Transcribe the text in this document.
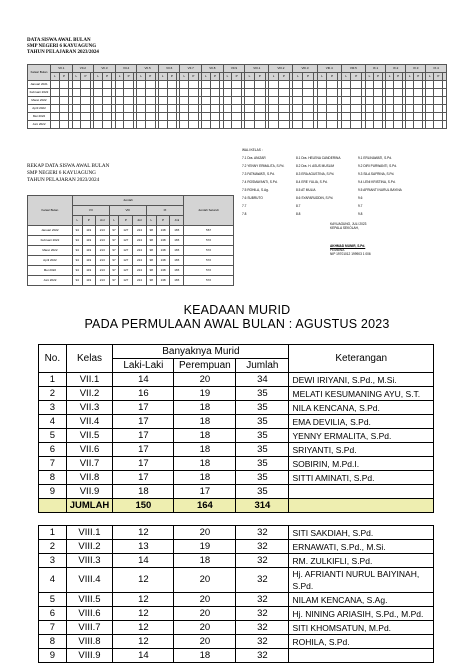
DATA SISWA AWAL BULAN
SMP NEGERI 6 KAYUAGUNG
TAHUN PELAJARAN 2023/2024
Kelas/ Bulan	VII.1			VII.2			VII.3			VII.4			VII.5			VII.6			VII.7			VII.8			VII.9			VIII.1			VIII.2			VIII.3			VIII.4			VIII.5			IX.1			IX.2			IX.3			IX.4		
	L	P		L	P		L	P		L	P		L	P		L	P		L	P		L	P		L	P		L	P		L	P		L	P		L	P		L	P		L	P		L	P		L	P		L	P	
Januari 2021																																																						
Februari 2022																																																						
Maret 2022																																																						
April 2022																																																						
Mei 2022																																																						
Juni 2022																																																						
REKAP DATA SISWA AWAL BULAN
SMP NEGERI 6 KAYUAGUNG
TAHUN PELAJARAN 2023/2024
Kelas/ Bulan	Jumlah									Jumlah Seluruh
	VII			VIII			IX			
	L	P	Jml	L	P	Jml	L	P	Jml	
Januari 2022	94	119	213	97	127	224	98	138	165	567
Februari 2022	94	119	213	97	127	224	98	138	165	572
Maret 2022	94	119	213	97	127	224	98	138	165	572
April 2022	94	119	213	97	127	224	98	138	165	572
Mei 2022	94	119	213	97	127	224	98	138	165	572
Juni 2022	94	119	213	97	127	224	98	138	165	572
WALI KELAS :
7.1 Dra. ANIZAR
7.2 YENNY ERMALITA, S.Pd.
7.3 FATMAWATI, S.Pd.
7.4 ROSMAYANTI, S.Pd.
7.5 ROHILA, S.Ag.
7.6 SUBRUTO
7.7
7.8
8.1 Dra. HELENA CANDERINA
8.2 Dra. H. ASUS MUSLIM
8.3 ERA AGUSTINA, S.Pd.
8.4 ERE YULIA, S.Pd.
8.5 AT MULIA
8.6 SYAFARUDDIN, S.Pd.
8.7
8.8
9.1 ERLINAWATI, S.Pd.
9.2 DIRI PURWANTI, S.Pd.
9.3 SILA SAFRINA, S.Pd.
9.4 LENI KRISTINA, S.Pd.
9.5 AFRIANTI NURUL BAYINA
9.6
9.7
9.8
KAYUAGUNG, JULI 2023
KEPALA SEKOLAH,
AKHMAD MUNIR, S.Pd.
PEMBINA
NIP 19701012 199903 1 006
KEADAAN MURID
PADA PERMULAAN AWAL BULAN : AGUSTUS 2023
No.	Kelas	Banyaknya Murid			Keterangan
		Laki-Laki	Perempuan	Jumlah	
1	VII.1	14	20	34	DEWI IRIYANI, S.Pd., M.Si.
2	VII.2	16	19	35	MELATI KESUMANING AYU, S.T.
3	VII.3	17	18	35	NILA KENCANA, S.Pd.
4	VII.4	17	18	35	EMA DEVILIA, S.Pd.
5	VII.5	17	18	35	YENNY ERMALITA, S.Pd.
6	VII.6	17	18	35	SRIYANTI, S.Pd.
7	VII.7	17	18	35	SOBIRIN, M.Pd.I.
8	VII.8	17	18	35	SITTI AMINATI, S.Pd.
9	VII.9	18	17	35	
	JUMLAH	150	164	314	

1	VIII.1	12	20	32	SITI SAKDIAH, S.Pd.
2	VIII.2	13	19	32	ERNAWATI, S.Pd., M.Si.
3	VIII.3	14	18	32	RM. ZULKIFLI, S.Pd.
4	VIII.4	12	20	32	Hj. AFRIANTI NURUL BAIYINAH, S.Pd.
5	VIII.5	12	20	32	NILAM KENCANA, S.Ag.
6	VIII.6	12	20	32	Hj. NINING ARIASIH, S.Pd., M.Pd.
7	VIII.7	12	20	32	SITI KHOMSATUN, M.Pd.
8	VIII.8	12	20	32	ROHILA, S.Pd.
9	VIII.9	14	18	32	
